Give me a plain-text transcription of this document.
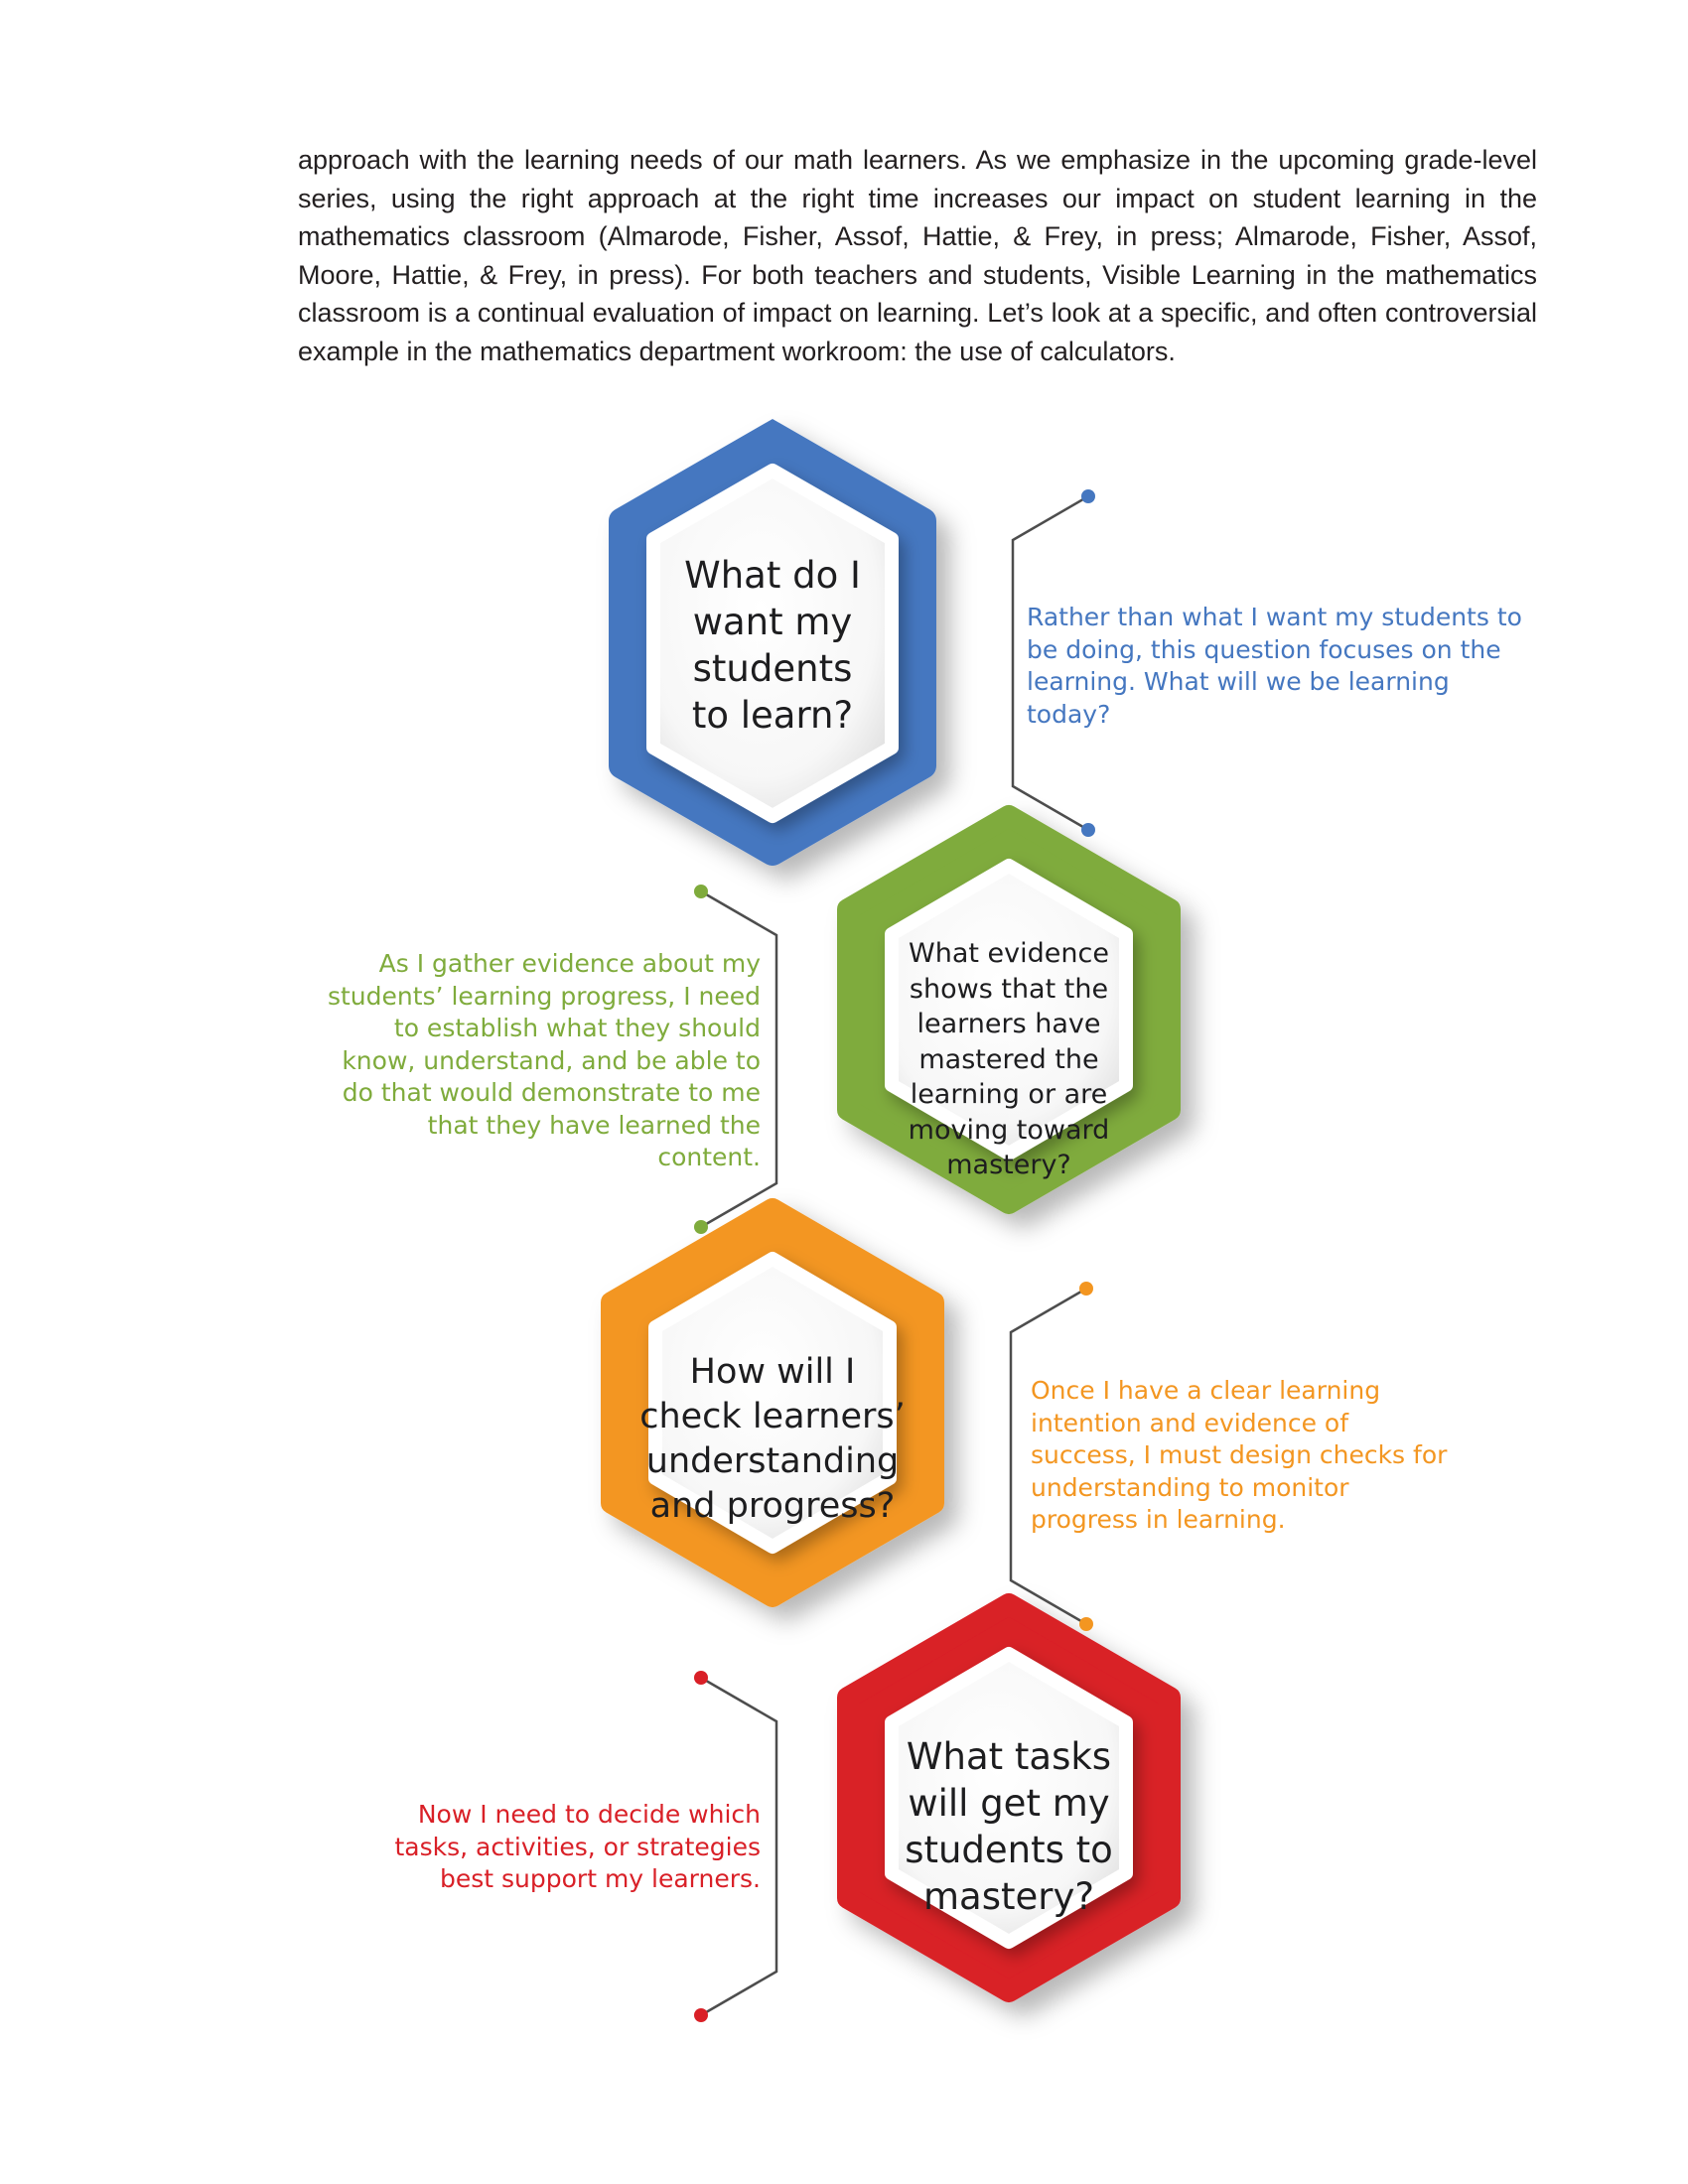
approach with the learning needs of our math learners. As we emphasize in the upcoming grade-level series, using the right approach at the right time increases our impact on student learning in the mathematics classroom (Almarode, Fisher, Assof, Hattie, & Frey, in press; Almarode, Fisher, Assof, Moore, Hattie, & Frey, in press). For both teachers and students, Visible Learning in the mathematics classroom is a continual evaluation of impact on learning. Let’s look at a specific, and often controversial example in the mathematics department workroom: the use of calculators.

What do I want my students to learn?
What evidence shows that the learners have mastered the learning or are moving toward mastery?
How will I check learners’ understanding and progress?
What tasks will get my students to mastery?

Rather than what I want my students to be doing, this question focuses on the learning. What will we be learning today?

As I gather evidence about my students’ learning progress, I need to establish what they should know, understand, and be able to do that would demonstrate to me that they have learned the content.

Once I have a clear learning intention and evidence of success, I must design checks for understanding to monitor progress in learning.

Now I need to decide which tasks, activities, or strategies best support my learners.
